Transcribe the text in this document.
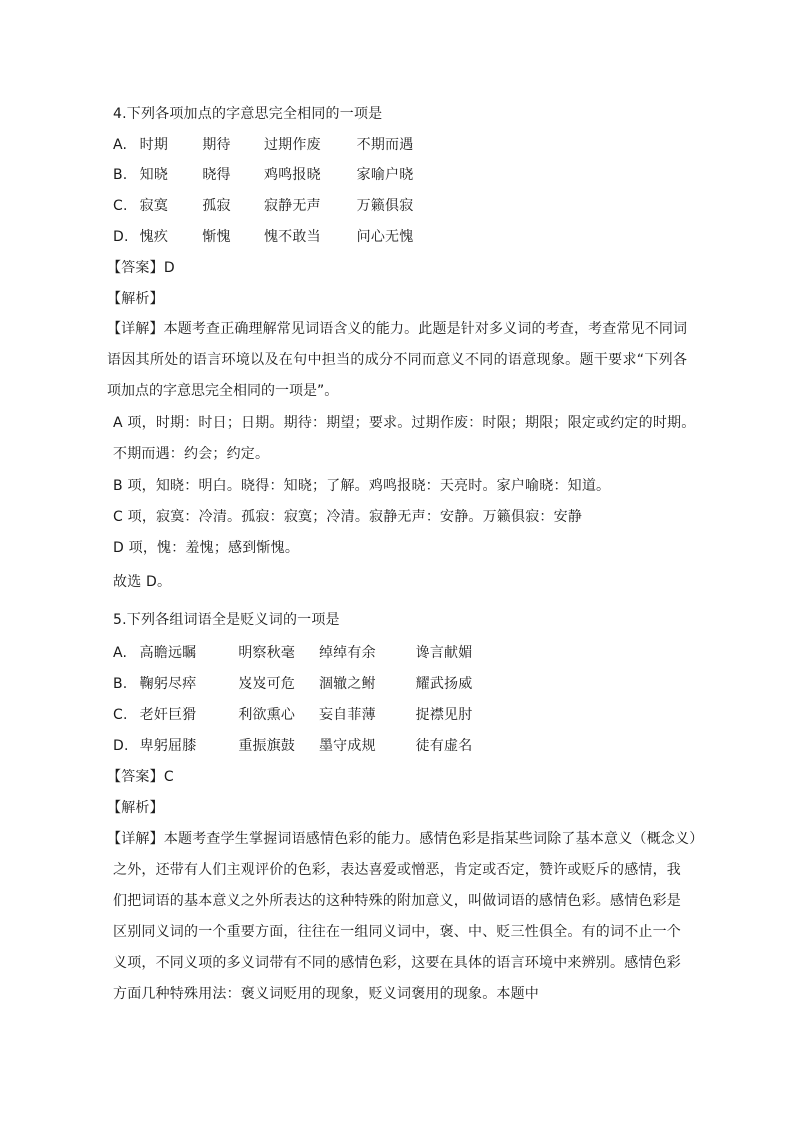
4.下列各项加点的字意思完全相同的一项是
A. 时期 期待 过期作废	不期而遇
B. 知晓 晓得 鸡鸣报晓	家喻户晓
C. 寂寞 孤寂 寂静无声	万籁俱寂
D. 愧疚 惭愧 愧不敢当	问心无愧
【答案】D
【解析】
【详解】本题考查正确理解常见词语含义的能力。此题是针对多义词的考查，考查常见不同词语因其所处的语言环境以及在句中担当的成分不同而意义不同的语意现象。题干要求“下列各项加点的字意思完全相同的一项是”。
A 项，时期：时日；日期。期待：期望；要求。过期作废：时限；期限；限定或约定的时期。
不期而遇：约会；约定。
B 项，知晓：明白。晓得：知晓；了解。鸡鸣报晓：天亮时。家户喻晓：知道。
C 项，寂寞：冷清。孤寂：寂寞；冷清。寂静无声：安静。万籁俱寂：安静
D 项，愧：羞愧；感到惭愧。
故选 D。
5.下列各组词语全是贬义词的一项是
A. 高瞻远瞩	明察秋毫 绰绰有余	谗言献媚
B. 鞠躬尽瘁	岌岌可危 涸辙之鲋	耀武扬威
C. 老奸巨猾	利欲熏心 妄自菲薄	捉襟见肘
D. 卑躬屈膝	重振旗鼓 墨守成规	徒有虚名
【答案】C
【解析】
【详解】本题考查学生掌握词语感情色彩的能力。感情色彩是指某些词除了基本意义（概念义）
之外，还带有人们主观评价的色彩，表达喜爱或憎恶，肯定或否定，赞许或贬斥的感情，我
们把词语的基本意义之外所表达的这种特殊的附加意义，叫做词语的感情色彩。感情色彩是
区别同义词的一个重要方面，往往在一组同义词中，褒、中、贬三性俱全。有的词不止一个
义项，不同义项的多义词带有不同的感情色彩，这要在具体的语言环境中来辨别。感情色彩
方面几种特殊用法：褒义词贬用的现象，贬义词褒用的现象。本题中
